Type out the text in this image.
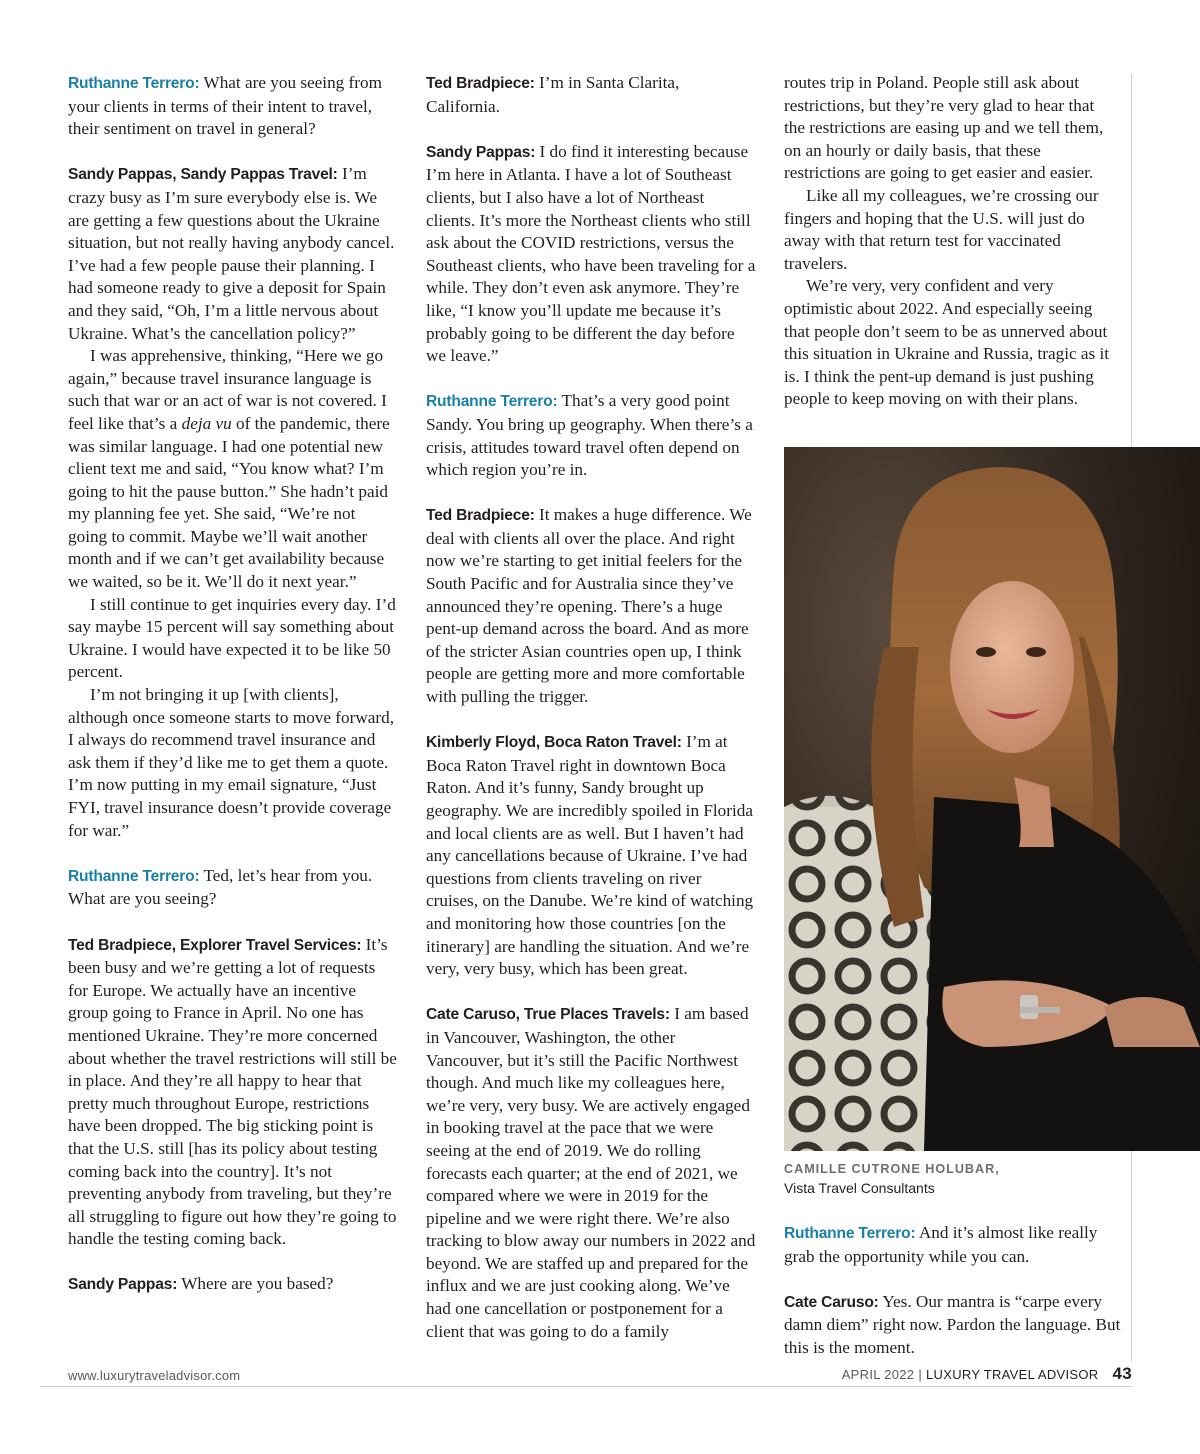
Ruthanne Terrero: What are you seeing from your clients in terms of their intent to travel, their sentiment on travel in general?

Sandy Pappas, Sandy Pappas Travel: I’m crazy busy as I’m sure everybody else is. We are getting a few questions about the Ukraine situation, but not really having anybody cancel. I’ve had a few people pause their planning. I had someone ready to give a deposit for Spain and they said, “Oh, I’m a little nervous about Ukraine. What’s the cancellation policy?”

I was apprehensive, thinking, “Here we go again,” because travel insurance language is such that war or an act of war is not covered. I feel like that’s a deja vu of the pandemic, there was similar language. I had one potential new client text me and said, “You know what? I’m going to hit the pause button.” She hadn’t paid my planning fee yet. She said, “We’re not going to commit. Maybe we’ll wait another month and if we can’t get availability because we waited, so be it. We’ll do it next year.”

I still continue to get inquiries every day. I’d say maybe 15 percent will say something about Ukraine. I would have expected it to be like 50 percent.

I’m not bringing it up [with clients], although once someone starts to move forward, I always do recommend travel insurance and ask them if they’d like me to get them a quote. I’m now putting in my email signature, “Just FYI, travel insurance doesn’t provide coverage for war.”

Ruthanne Terrero: Ted, let’s hear from you. What are you seeing?

Ted Bradpiece, Explorer Travel Services: It’s been busy and we’re getting a lot of requests for Europe. We actually have an incentive group going to France in April. No one has mentioned Ukraine. They’re more concerned about whether the travel restrictions will still be in place. And they’re all happy to hear that pretty much throughout Europe, restrictions have been dropped. The big sticking point is that the U.S. still [has its policy about testing coming back into the country]. It’s not preventing anybody from traveling, but they’re all struggling to figure out how they’re going to handle the testing coming back.

Sandy Pappas: Where are you based?

Ted Bradpiece: I’m in Santa Clarita, California.

Sandy Pappas: I do find it interesting because I’m here in Atlanta. I have a lot of Southeast clients, but I also have a lot of Northeast clients. It’s more the Northeast clients who still ask about the COVID restrictions, versus the Southeast clients, who have been traveling for a while. They don’t even ask anymore. They’re like, “I know you’ll update me because it’s probably going to be different the day before we leave.”

Ruthanne Terrero: That’s a very good point Sandy. You bring up geography. When there’s a crisis, attitudes toward travel often depend on which region you’re in.

Ted Bradpiece: It makes a huge difference. We deal with clients all over the place. And right now we’re starting to get initial feelers for the South Pacific and for Australia since they’ve announced they’re opening. There’s a huge pent-up demand across the board. And as more of the stricter Asian countries open up, I think people are getting more and more comfortable with pulling the trigger.

Kimberly Floyd, Boca Raton Travel: I’m at Boca Raton Travel right in downtown Boca Raton. And it’s funny, Sandy brought up geography. We are incredibly spoiled in Florida and local clients are as well. But I haven’t had any cancellations because of Ukraine. I’ve had questions from clients traveling on river cruises, on the Danube. We’re kind of watching and monitoring how those countries [on the itinerary] are handling the situation. And we’re very, very busy, which has been great.

Cate Caruso, True Places Travels: I am based in Vancouver, Washington, the other Vancouver, but it’s still the Pacific Northwest though. And much like my colleagues here, we’re very, very busy. We are actively engaged in booking travel at the pace that we were seeing at the end of 2019. We do rolling forecasts each quarter; at the end of 2021, we compared where we were in 2019 for the pipeline and we were right there. We’re also tracking to blow away our numbers in 2022 and beyond. We are staffed up and prepared for the influx and we are just cooking along. We’ve had one cancellation or postponement for a client that was going to do a family

routes trip in Poland. People still ask about restrictions, but they’re very glad to hear that the restrictions are easing up and we tell them, on an hourly or daily basis, that these restrictions are going to get easier and easier.

Like all my colleagues, we’re crossing our fingers and hoping that the U.S. will just do away with that return test for vaccinated travelers.

We’re very, very confident and very optimistic about 2022. And especially seeing that people don’t seem to be as unnerved about this situation in Ukraine and Russia, tragic as it is. I think the pent-up demand is just pushing people to keep moving on with their plans.

CAMILLE CUTRONE HOLUBAR,
Vista Travel Consultants

Ruthanne Terrero: And it’s almost like really grab the opportunity while you can.

Cate Caruso: Yes. Our mantra is “carpe every damn diem” right now. Pardon the language. But this is the moment.

www.luxurytraveladvisor.com	APRIL 2022 | LUXURY TRAVEL ADVISOR 43
